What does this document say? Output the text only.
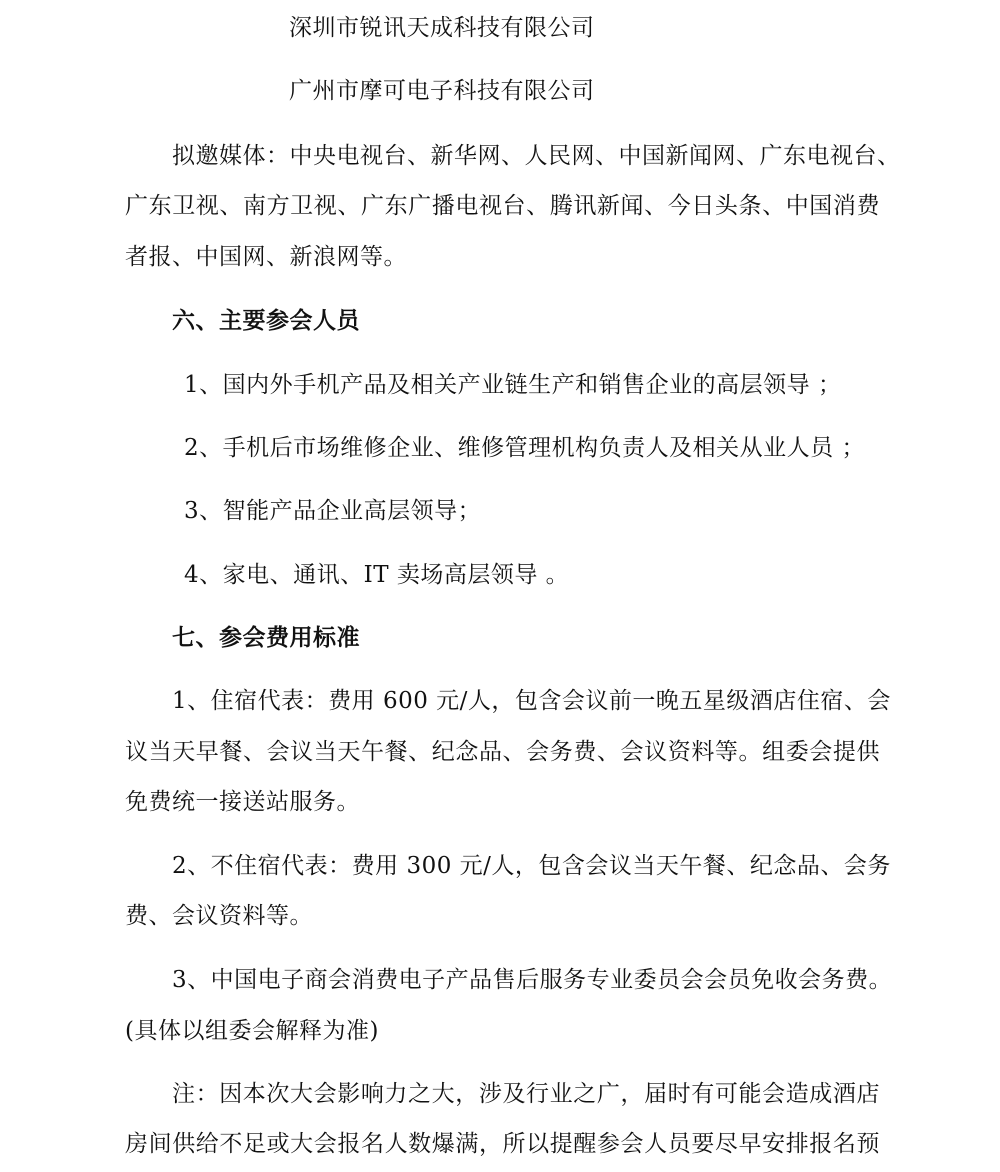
深圳市锐讯天成科技有限公司
广州市摩可电子科技有限公司
拟邀媒体：中央电视台、新华网、人民网、中国新闻网、广东电视台、
广东卫视、南方卫视、广东广播电视台、腾讯新闻、今日头条、中国消费
者报、中国网、新浪网等。
六、主要参会人员
1、国内外手机产品及相关产业链生产和销售企业的高层领导 ；
2、手机后市场维修企业、维修管理机构负责人及相关从业人员 ；
3、智能产品企业高层领导；
4、家电、通讯、IT 卖场高层领导 。
七、参会费用标准
1、住宿代表：费用 600 元/人，包含会议前一晚五星级酒店住宿、会
议当天早餐、会议当天午餐、纪念品、会务费、会议资料等。组委会提供
免费统一接送站服务。
2、不住宿代表：费用 300 元/人，包含会议当天午餐、纪念品、会务
费、会议资料等。
3、中国电子商会消费电子产品售后服务专业委员会会员免收会务费。
(具体以组委会解释为准)
注：因本次大会影响力之大，涉及行业之广，届时有可能会造成酒店
房间供给不足或大会报名人数爆满，所以提醒参会人员要尽早安排报名预
